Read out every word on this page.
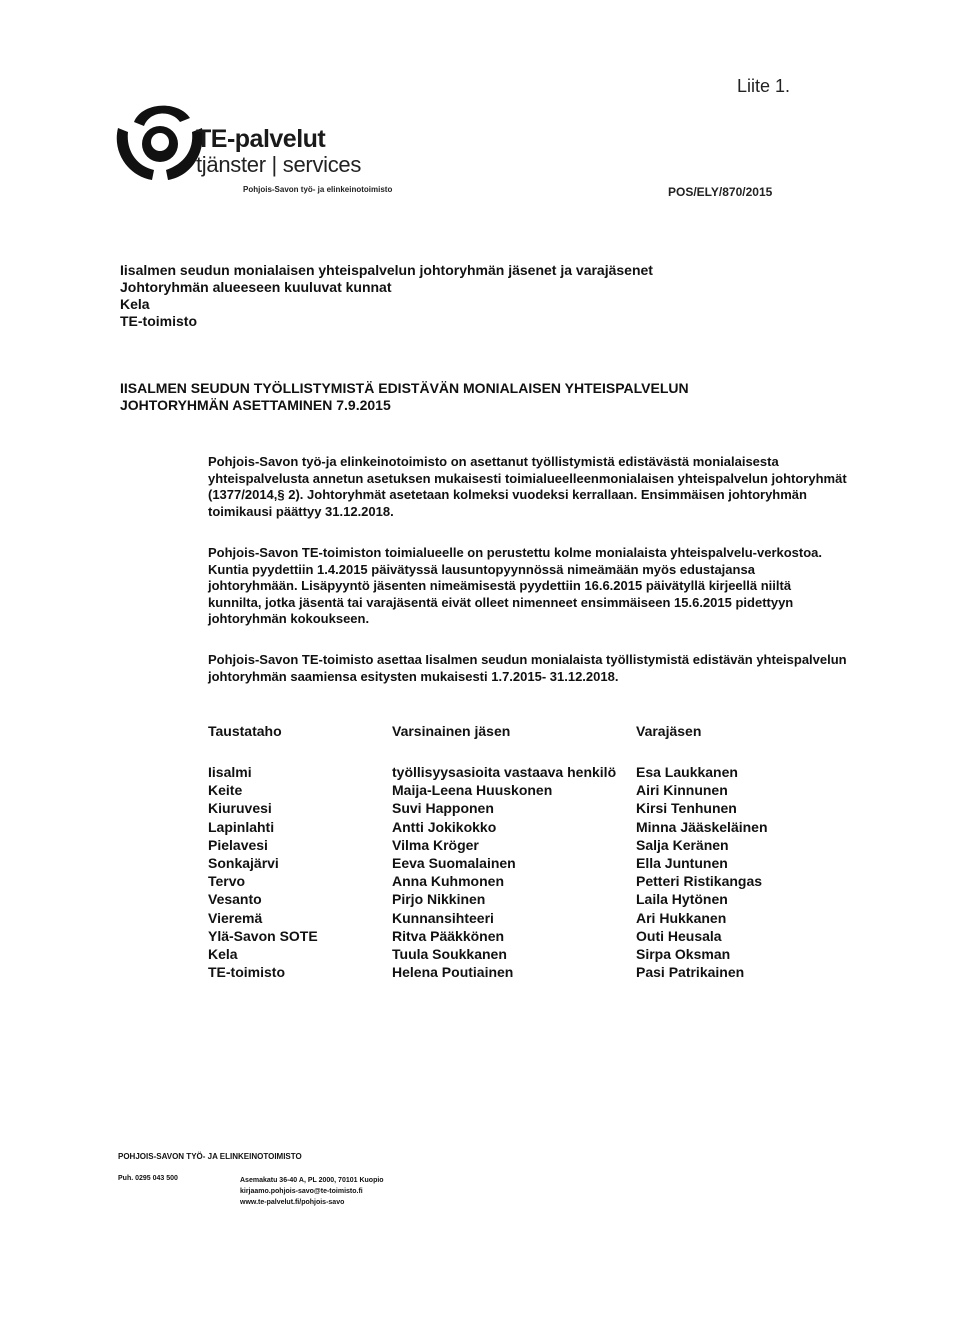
Liite 1.
TE-palvelut
tjänster | services
Pohjois-Savon työ- ja elinkeinotoimisto	POS/ELY/870/2015
Iisalmen seudun monialaisen yhteispalvelun johtoryhmän jäsenet ja varajäsenet
Johtoryhmän alueeseen kuuluvat kunnat
Kela
TE-toimisto
IISALMEN SEUDUN TYÖLLISTYMISTÄ EDISTÄVÄN MONIALAISEN YHTEISPALVELUN
JOHTORYHMÄN ASETTAMINEN 7.9.2015
Pohjois-Savon työ-ja elinkeinotoimisto on asettanut työllistymistä edistävästä monialaisesta yhteispalvelusta annetun asetuksen mukaisesti toimialueelleenmonialaisen yhteispalvelun johtoryhmät (1377/2014,§ 2). Johtoryhmät asetetaan kolmeksi vuodeksi kerrallaan. Ensimmäisen johtoryhmän toimikausi päättyy 31.12.2018.
Pohjois-Savon TE-toimiston toimialueelle on perustettu kolme monialaista yhteispalvelu-verkostoa. Kuntia pyydettiin 1.4.2015 päivätyssä lausuntopyynnössä nimeämään myös edustajansa johtoryhmään. Lisäpyyntö jäsenten nimeämisestä pyydettiin 16.6.2015 päivätyllä kirjeellä niiltä kunnilta, jotka jäsentä tai varajäsentä eivät olleet nimenneet ensimmäiseen 15.6.2015 pidettyyn johtoryhmän kokoukseen.
Pohjois-Savon TE-toimisto asettaa Iisalmen seudun monialaista työllistymistä edistävän yhteispalvelun johtoryhmän saamiensa esitysten mukaisesti 1.7.2015- 31.12.2018.
Taustataho	Varsinainen jäsen	Varajäsen
Iisalmi	työllisyysasioita vastaava henkilö	Esa Laukkanen
Keite	Maija-Leena Huuskonen	Airi Kinnunen
Kiuruvesi	Suvi Happonen	Kirsi Tenhunen
Lapinlahti	Antti Jokikokko	Minna Jääskeläinen
Pielavesi	Vilma Kröger	Salja Keränen
Sonkajärvi	Eeva Suomalainen	Ella Juntunen
Tervo	Anna Kuhmonen	Petteri Ristikangas
Vesanto	Pirjo Nikkinen	Laila Hytönen
Vieremä	Kunnansihteeri	Ari Hukkanen
Ylä-Savon SOTE	Ritva Pääkkönen	Outi Heusala
Kela	Tuula Soukkanen	Sirpa Oksman
TE-toimisto	Helena Poutiainen	Pasi Patrikainen
POHJOIS-SAVON TYÖ- JA ELINKEINOTOIMISTO
Puh. 0295 043 500	Asemakatu 36-40 A, PL 2000, 70101 Kuopio
kirjaamo.pohjois-savo@te-toimisto.fi
www.te-palvelut.fi/pohjois-savo
